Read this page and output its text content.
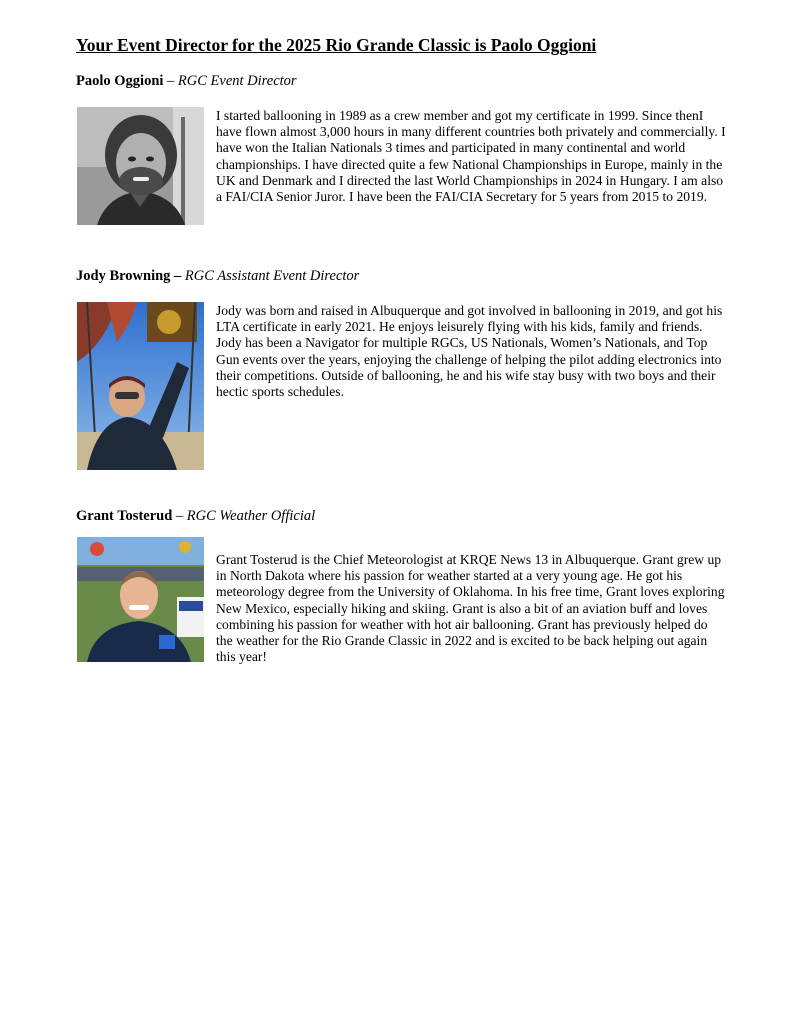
Your Event Director for the 2025 Rio Grande Classic is Paolo Oggioni

Paolo Oggioni – RGC Event Director

I started ballooning in 1989 as a crew member and got my certificate in 1999. Since thenI have flown almost 3,000 hours in many different countries both privately and commercially. I have won the Italian Nationals 3 times and participated in many continental and world championships. I have directed quite a few National Championships in Europe, mainly in the UK and Denmark and I directed the last World Championships in 2024 in Hungary. I am also a FAI/CIA Senior Juror. I have been the FAI/CIA Secretary for 5 years from 2015 to 2019.

Jody Browning – RGC Assistant Event Director

Jody was born and raised in Albuquerque and got involved in ballooning in 2019, and got his LTA certificate in early 2021. He enjoys leisurely flying with his kids, family and friends. Jody has been a Navigator for multiple RGCs, US Nationals, Women’s Nationals, and Top Gun events over the years, enjoying the challenge of helping the pilot adding electronics into their competitions. Outside of ballooning, he and his wife stay busy with two boys and their hectic sports schedules.

Grant Tosterud – RGC Weather Official

Grant Tosterud is the Chief Meteorologist at KRQE News 13 in Albuquerque. Grant grew up in North Dakota where his passion for weather started at a very young age. He got his meteorology degree from the University of Oklahoma. In his free time, Grant loves exploring New Mexico, especially hiking and skiing. Grant is also a bit of an aviation buff and loves combining his passion for weather with hot air ballooning. Grant has previously helped do the weather for the Rio Grande Classic in 2022 and is excited to be back helping out again this year!
